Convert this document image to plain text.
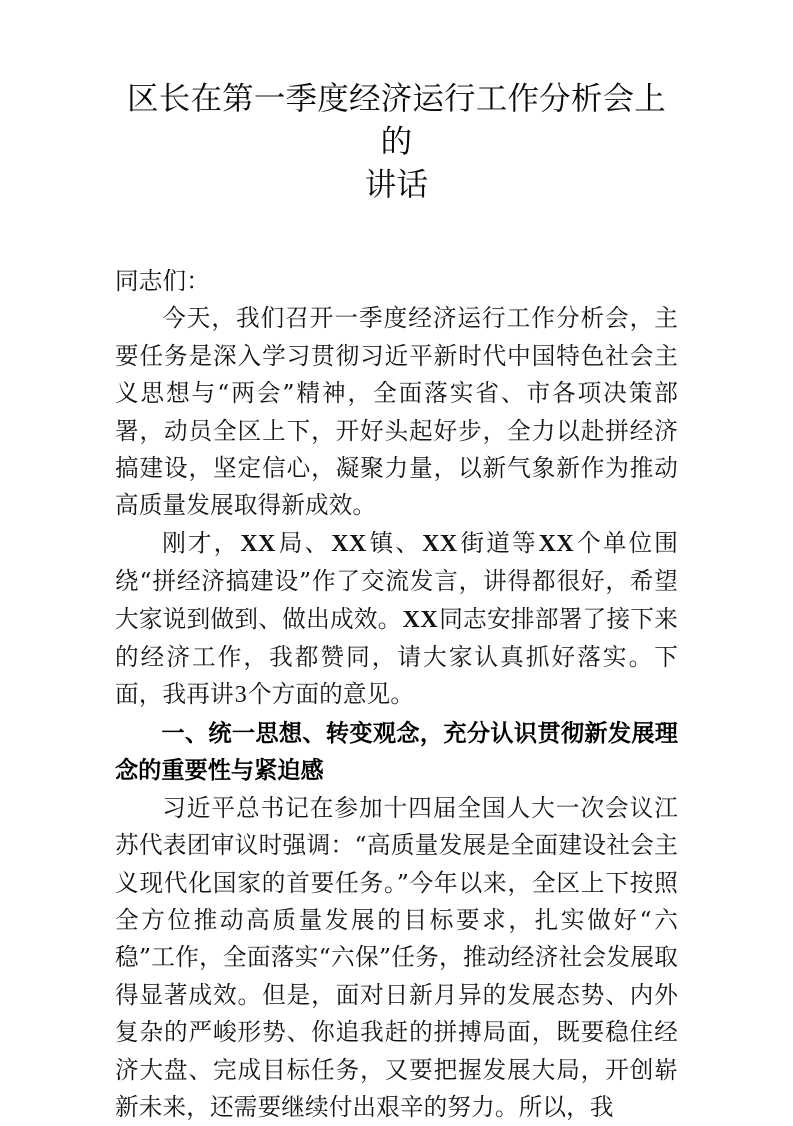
区长在第一季度经济运行工作分析会上的
讲话

同志们：

今天，我们召开一季度经济运行工作分析会，主要任务是深入学习贯彻习近平新时代中国特色社会主义思想与“两会”精神，全面落实省、市各项决策部署，动员全区上下，开好头起好步，全力以赴拼经济搞建设，坚定信心，凝聚力量，以新气象新作为推动高质量发展取得新成效。

刚才，XX局、XX镇、XX街道等XX个单位围绕“拼经济搞建设”作了交流发言，讲得都很好，希望大家说到做到、做出成效。XX同志安排部署了接下来的经济工作，我都赞同，请大家认真抓好落实。下面，我再讲3个方面的意见。

一、统一思想、转变观念，充分认识贯彻新发展理念的重要性与紧迫感

习近平总书记在参加十四届全国人大一次会议江苏代表团审议时强调：“高质量发展是全面建设社会主义现代化国家的首要任务。”今年以来，全区上下按照全方位推动高质量发展的目标要求，扎实做好“六稳”工作，全面落实“六保”任务，推动经济社会发展取得显著成效。但是，面对日新月异的发展态势、内外复杂的严峻形势、你追我赶的拼搏局面，既要稳住经济大盘、完成目标任务，又要把握发展大局，开创崭新未来，还需要继续付出艰辛的努力。所以，我
